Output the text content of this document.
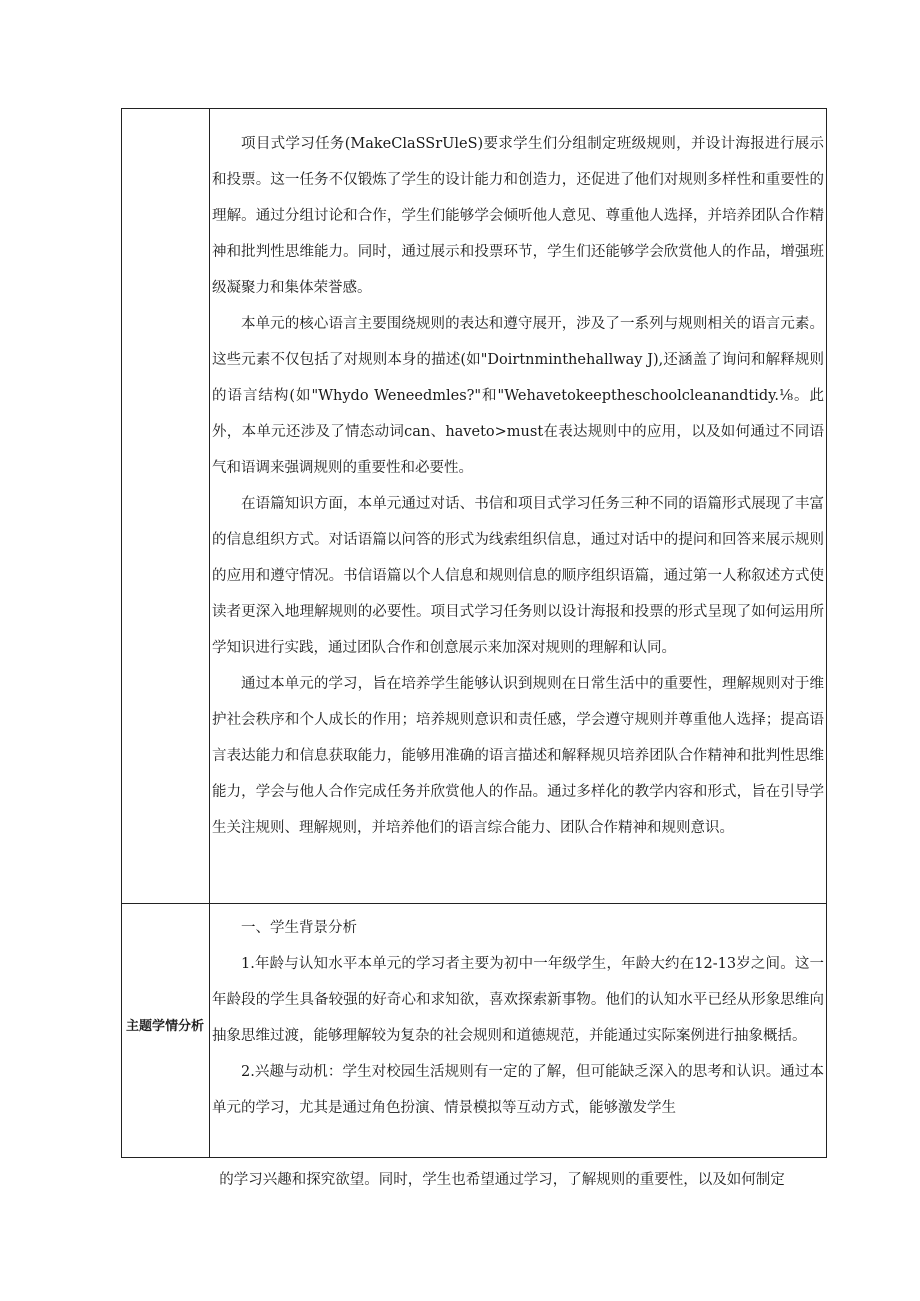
项目式学习任务(MakeClaSSrUleS)要求学生们分组制定班级规则，并设计海报进行展示和投票。这一任务不仅锻炼了学生的设计能力和创造力，还促进了他们对规则多样性和重要性的理解。通过分组讨论和合作，学生们能够学会倾听他人意见、尊重他人选择，并培养团队合作精神和批判性思维能力。同时，通过展示和投票环节，学生们还能够学会欣赏他人的作品，增强班级凝聚力和集体荣誉感。

本单元的核心语言主要围绕规则的表达和遵守展开，涉及了一系列与规则相关的语言元素。这些元素不仅包括了对规则本身的描述(如"Doirtnminthehallway J),还涵盖了询问和解释规则的语言结构(如"Whydo Weneedmles?"和"Wehavetokeeptheschoolcleanandtidy.⅛。此外，本单元还涉及了情态动词can、haveto>must在表达规则中的应用，以及如何通过不同语气和语调来强调规则的重要性和必要性。

在语篇知识方面，本单元通过对话、书信和项目式学习任务三种不同的语篇形式展现了丰富的信息组织方式。对话语篇以问答的形式为线索组织信息，通过对话中的提问和回答来展示规则的应用和遵守情况。书信语篇以个人信息和规则信息的顺序组织语篇，通过第一人称叙述方式使读者更深入地理解规则的必要性。项目式学习任务则以设计海报和投票的形式呈现了如何运用所学知识进行实践，通过团队合作和创意展示来加深对规则的理解和认同。

通过本单元的学习，旨在培养学生能够认识到规则在日常生活中的重要性，理解规则对于维护社会秩序和个人成长的作用；培养规则意识和责任感，学会遵守规则并尊重他人选择；提高语言表达能力和信息获取能力，能够用准确的语言描述和解释规贝培养团队合作精神和批判性思维能力，学会与他人合作完成任务并欣赏他人的作品。通过多样化的教学内容和形式，旨在引导学生关注规则、理解规则，并培养他们的语言综合能力、团队合作精神和规则意识。

主题学情分析

一、学生背景分析

1.年龄与认知水平本单元的学习者主要为初中一年级学生，年龄大约在12-13岁之间。这一年龄段的学生具备较强的好奇心和求知欲，喜欢探索新事物。他们的认知水平已经从形象思维向抽象思维过渡，能够理解较为复杂的社会规则和道德规范，并能通过实际案例进行抽象概括。

2.兴趣与动机：学生对校园生活规则有一定的了解，但可能缺乏深入的思考和认识。通过本单元的学习，尤其是通过角色扮演、情景模拟等互动方式，能够激发学生

的学习兴趣和探究欲望。同时，学生也希望通过学习，了解规则的重要性，以及如何制定
